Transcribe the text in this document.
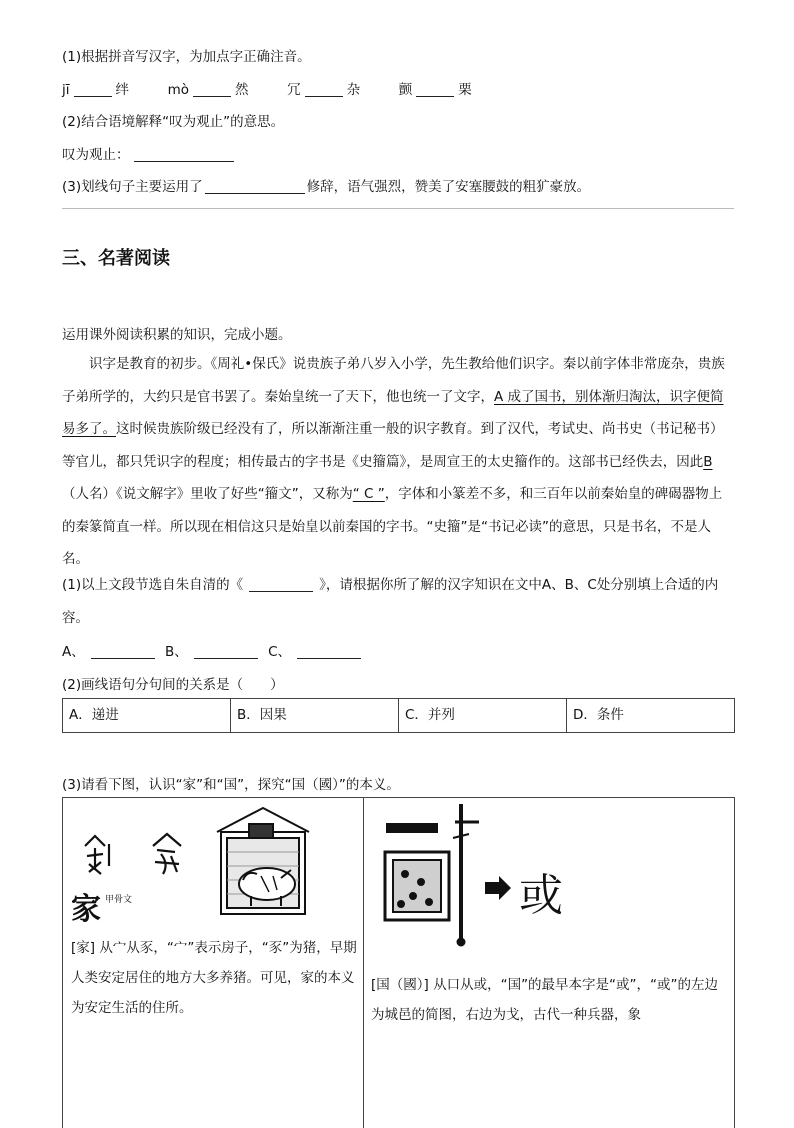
(1)根据拼音写汉字，为加点字正确注音。
jī	绊	mò	然	冗	杂	颤	栗
(2)结合语境解释“叹为观止”的意思。
叹为观止：
(3)划线句子主要运用了	修辞，语气强烈，赞美了安塞腰鼓的粗犷豪放。
三、名著阅读
运用课外阅读积累的知识，完成小题。
识字是教育的初步。《周礼•保氏》说贵族子弟八岁入小学，先生教给他们识字。秦以前字体非常庞杂，贵族子弟所学的，大约只是官书罢了。秦始皇统一了天下，他也统一了文字，A 成了国书，别体渐归淘汰，识字便简易多了。这时候贵族阶级已经没有了，所以渐渐注重一般的识字教育。到了汉代，考试史、尚书史（书记秘书）等官儿，都只凭识字的程度；相传最古的字书是《史籀篇》，是周宣王的太史籀作的。这部书已经佚去，因此B（人名）《说文解字》里收了好些“籀文”，又称为“ C ”，字体和小篆差不多，和三百年以前秦始皇的碑碣器物上的秦篆简直一样。所以现在相信这只是始皇以前秦国的字书。“史籀”是“书记必读”的意思，只是书名，不是人名。
(1)以上文段节选自朱自清的《	》，请根据你所了解的汉字知识在文中A、B、C处分别填上合适的内容。
A、	B、	C、
(2)画线语句分句间的关系是（　　）
A．递进	B．因果	C．并列	D．条件
(3)请看下图，认识“家”和“国”，探究“国（國）”的本义。
甲骨文
家
[家] 从宀从豕，“宀”表示房子，“豕”为猪，早期人类安定居住的地方大多养猪。可见，家的本义为安定生活的住所。
或
[国（國）] 从口从或，“国”的最早本字是“或”，“或”的左边为城邑的简图，右边为戈，古代一种兵器，象
